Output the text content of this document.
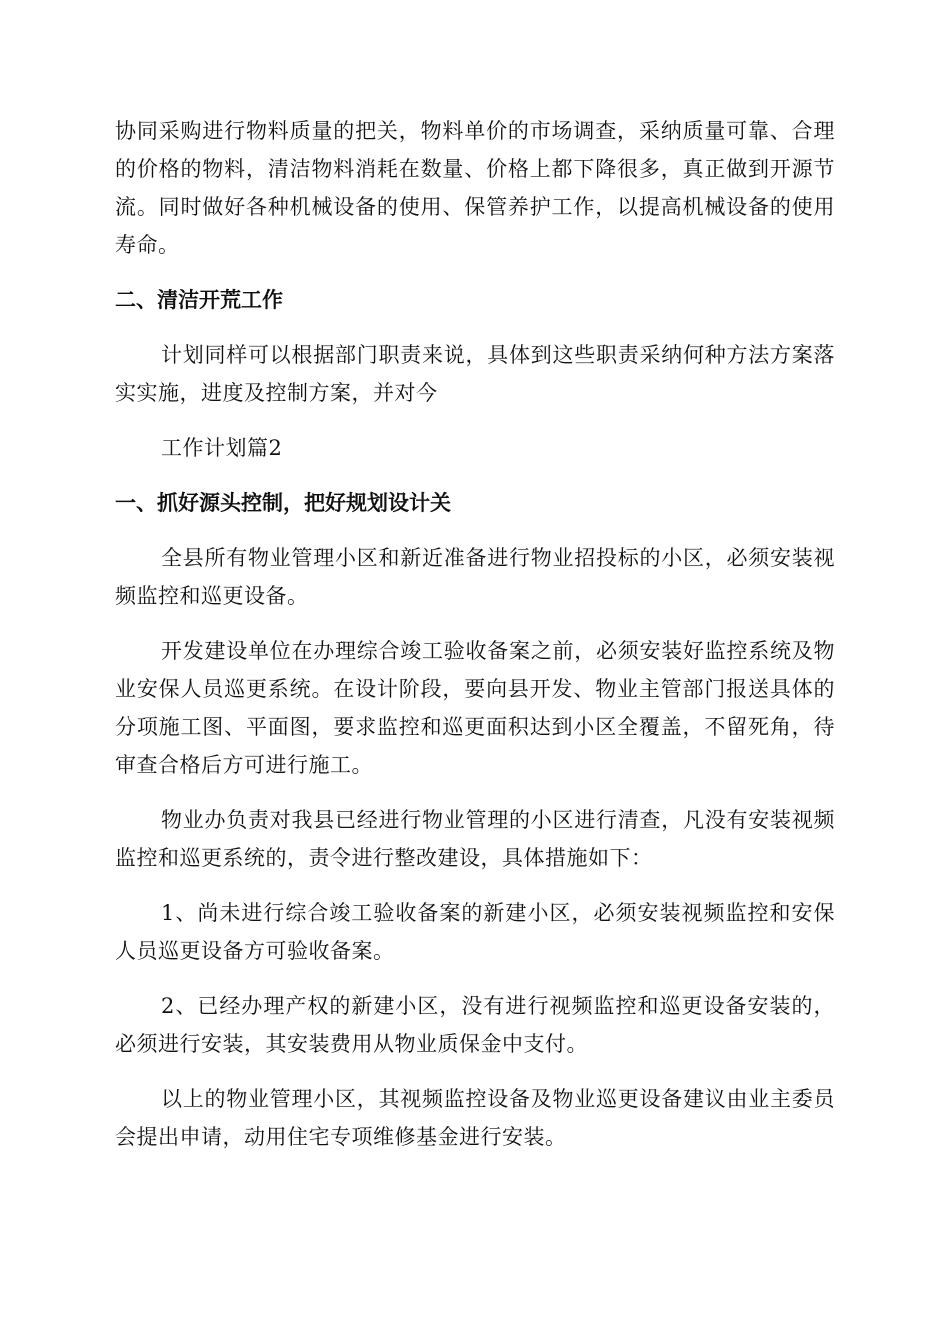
协同采购进行物料质量的把关，物料单价的市场调查，采纳质量可靠、合理的价格的物料，清洁物料消耗在数量、价格上都下降很多，真正做到开源节流。同时做好各种机械设备的使用、保管养护工作，以提高机械设备的使用寿命。

二、清洁开荒工作

计划同样可以根据部门职责来说，具体到这些职责采纳何种方法方案落实实施，进度及控制方案，并对今

工作计划篇2

一、抓好源头控制，把好规划设计关

全县所有物业管理小区和新近准备进行物业招投标的小区，必须安装视频监控和巡更设备。

开发建设单位在办理综合竣工验收备案之前，必须安装好监控系统及物业安保人员巡更系统。在设计阶段，要向县开发、物业主管部门报送具体的分项施工图、平面图，要求监控和巡更面积达到小区全覆盖，不留死角，待审查合格后方可进行施工。

物业办负责对我县已经进行物业管理的小区进行清查，凡没有安装视频监控和巡更系统的，责令进行整改建设，具体措施如下：

1、尚未进行综合竣工验收备案的新建小区，必须安装视频监控和安保人员巡更设备方可验收备案。

2、已经办理产权的新建小区，没有进行视频监控和巡更设备安装的，必须进行安装，其安装费用从物业质保金中支付。

以上的物业管理小区，其视频监控设备及物业巡更设备建议由业主委员会提出申请，动用住宅专项维修基金进行安装。
